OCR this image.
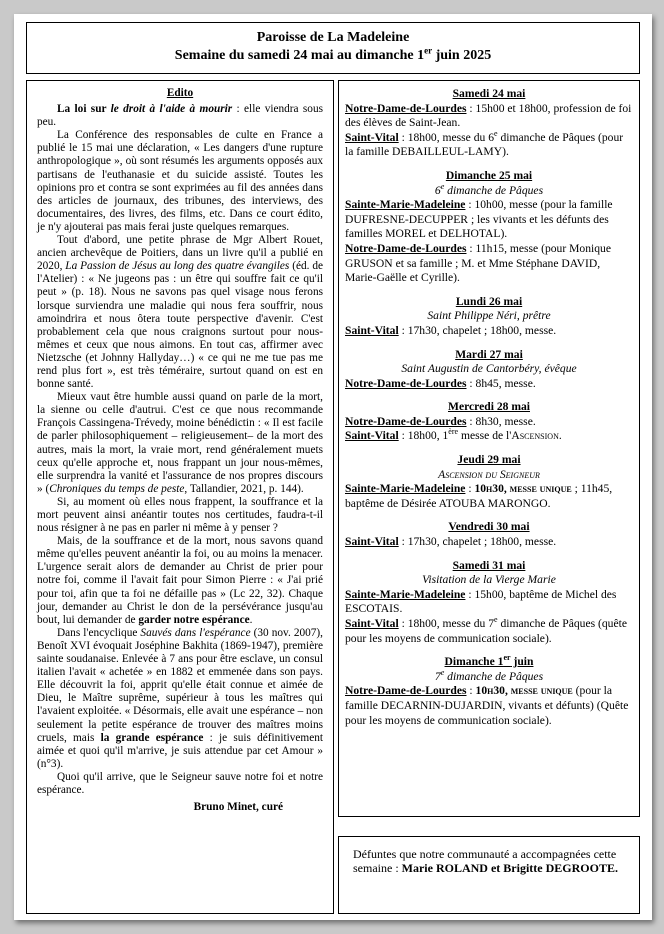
Paroisse de La Madeleine
Semaine du samedi 24 mai au dimanche 1er juin 2025
Edito

La loi sur le droit à l'aide à mourir : elle viendra sous peu.

La Conférence des responsables de culte en France a publié le 15 mai une déclaration, « Les dangers d'une rupture anthropologique », où sont résumés les arguments opposés aux partisans de l'euthanasie et du suicide assisté. Toutes les opinions pro et contra se sont exprimées au fil des années dans des articles de journaux, des tribunes, des interviews, des documentaires, des livres, des films, etc. Dans ce court édito, je n'y ajouterai pas mais ferai juste quelques remarques.

Tout d'abord, une petite phrase de Mgr Albert Rouet, ancien archevêque de Poitiers, dans un livre qu'il a publié en 2020, La Passion de Jésus au long des quatre évangiles (éd. de l'Atelier) : « Ne jugeons pas : un être qui souffre fait ce qu'il peut » (p. 18). Nous ne savons pas quel visage nous ferons lorsque surviendra une maladie qui nous fera souffrir, nous amoindrira et nous ôtera toute perspective d'avenir. C'est probablement cela que nous craignons surtout pour nous-mêmes et ceux que nous aimons. En tout cas, affirmer avec Nietzsche (et Johnny Hallyday…) « ce qui ne me tue pas me rend plus fort », est très téméraire, surtout quand on est en bonne santé.

Mieux vaut être humble aussi quand on parle de la mort, la sienne ou celle d'autrui. C'est ce que nous recommande François Cassingena-Trévedy, moine bénédictin : « Il est facile de parler philosophiquement – religieusement– de la mort des autres, mais la mort, la vraie mort, rend généralement muets ceux qu'elle approche et, nous frappant un jour nous-mêmes, elle surprendra la vanité et l'assurance de nos propres discours » (Chroniques du temps de peste, Tallandier, 2021, p. 144).

Si, au moment où elles nous frappent, la souffrance et la mort peuvent ainsi anéantir toutes nos certitudes, faudra-t-il nous résigner à ne pas en parler ni même à y penser ?

Mais, de la souffrance et de la mort, nous savons quand même qu'elles peuvent anéantir la foi, ou au moins la menacer. L'urgence serait alors de demander au Christ de prier pour notre foi, comme il l'avait fait pour Simon Pierre : « J'ai prié pour toi, afin que ta foi ne défaille pas » (Lc 22, 32). Chaque jour, demander au Christ le don de la persévérance jusqu'au bout, lui demander de garder notre espérance.

Dans l'encyclique Sauvés dans l'espérance (30 nov. 2007), Benoît XVI évoquait Joséphine Bakhita (1869-1947), première sainte soudanaise. Enlevée à 7 ans pour être esclave, un consul italien l'avait « achetée » en 1882 et emmenée dans son pays. Elle découvrit la foi, apprit qu'elle était connue et aimée de Dieu, le Maître suprême, supérieur à tous les maîtres qui l'avaient exploitée. « Désormais, elle avait une espérance – non seulement la petite espérance de trouver des maîtres moins cruels, mais la grande espérance : je suis définitivement aimée et quoi qu'il m'arrive, je suis attendue par cet Amour » (n°3).

Quoi qu'il arrive, que le Seigneur sauve notre foi et notre espérance.

Bruno Minet, curé

Samedi 24 mai
Notre-Dame-de-Lourdes : 15h00 et 18h00, profession de foi des élèves de Saint-Jean.
Saint-Vital : 18h00, messe du 6e dimanche de Pâques (pour la famille DEBAILLEUL-LAMY).
Dimanche 25 mai
6e dimanche de Pâques
Sainte-Marie-Madeleine : 10h00, messe (pour la famille DUFRESNE-DECUPPER ; les vivants et les défunts des familles MOREL et DELHOTAL).
Notre-Dame-de-Lourdes : 11h15, messe (pour Monique GRUSON et sa famille ; M. et Mme Stéphane DAVID, Marie-Gaëlle et Cyrille).
Lundi 26 mai
Saint Philippe Néri, prêtre
Saint-Vital : 17h30, chapelet ; 18h00, messe.
Mardi 27 mai
Saint Augustin de Cantorbéry, évêque
Notre-Dame-de-Lourdes : 8h45, messe.
Mercredi 28 mai
Notre-Dame-de-Lourdes : 8h30, messe.
Saint-Vital : 18h00, 1ère messe de l'Ascension.
Jeudi 29 mai
Ascension du Seigneur
Sainte-Marie-Madeleine : 10h30, messe unique ; 11h45, baptême de Désirée ATOUBA MARONGO.
Vendredi 30 mai
Saint-Vital : 17h30, chapelet ; 18h00, messe.
Samedi 31 mai
Visitation de la Vierge Marie
Sainte-Marie-Madeleine : 15h00, baptême de Michel des ESCOTAIS.
Saint-Vital : 18h00, messe du 7e dimanche de Pâques (quête pour les moyens de communication sociale).
Dimanche 1er juin
7e dimanche de Pâques
Notre-Dame-de-Lourdes : 10h30, messe unique (pour la famille DECARNIN-DUJARDIN, vivants et défunts) (Quête pour les moyens de communication sociale).
Défuntes que notre communauté a accompagnées cette semaine : Marie ROLAND et Brigitte DEGROOTE.
